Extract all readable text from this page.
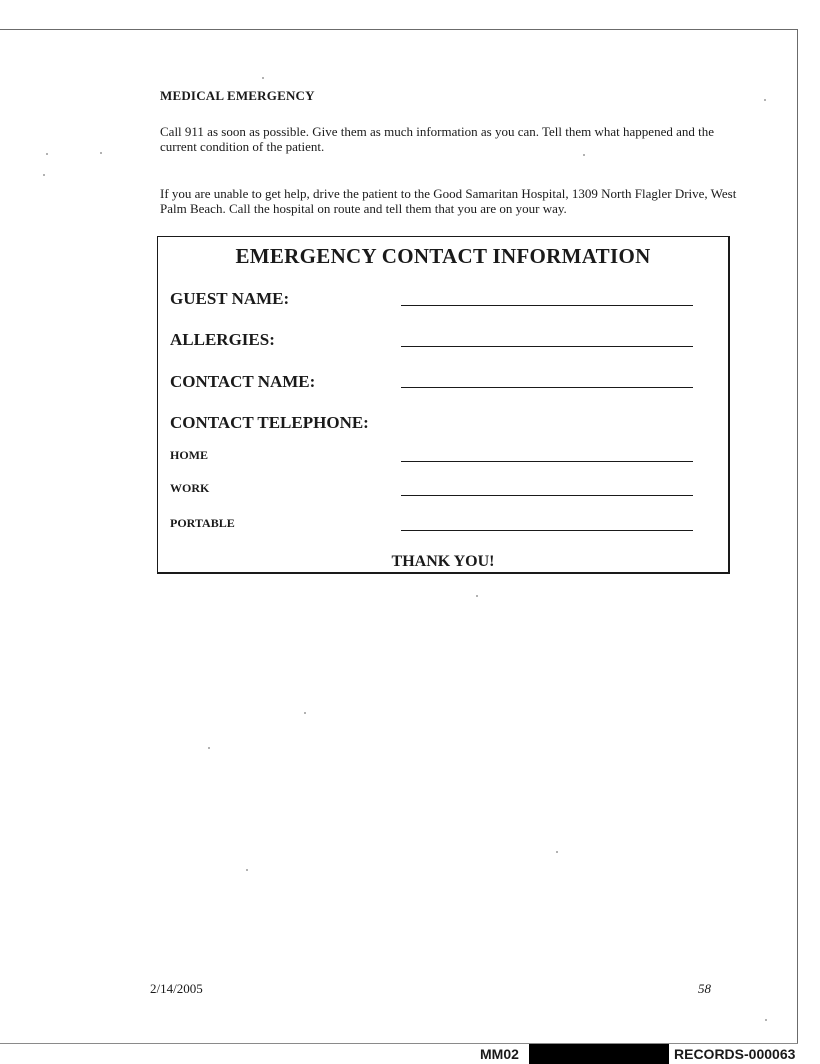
MEDICAL EMERGENCY
Call 911 as soon as possible. Give them as much information as you can. Tell them what happened and the current condition of the patient.
If you are unable to get help, drive the patient to the Good Samaritan Hospital, 1309 North Flagler Drive, West Palm Beach. Call the hospital on route and tell them that you are on your way.
EMERGENCY CONTACT INFORMATION
GUEST NAME:
ALLERGIES:
CONTACT NAME:
CONTACT TELEPHONE:
HOME
WORK
PORTABLE
THANK YOU!
2/14/2005	58
MM02	RECORDS-000063
